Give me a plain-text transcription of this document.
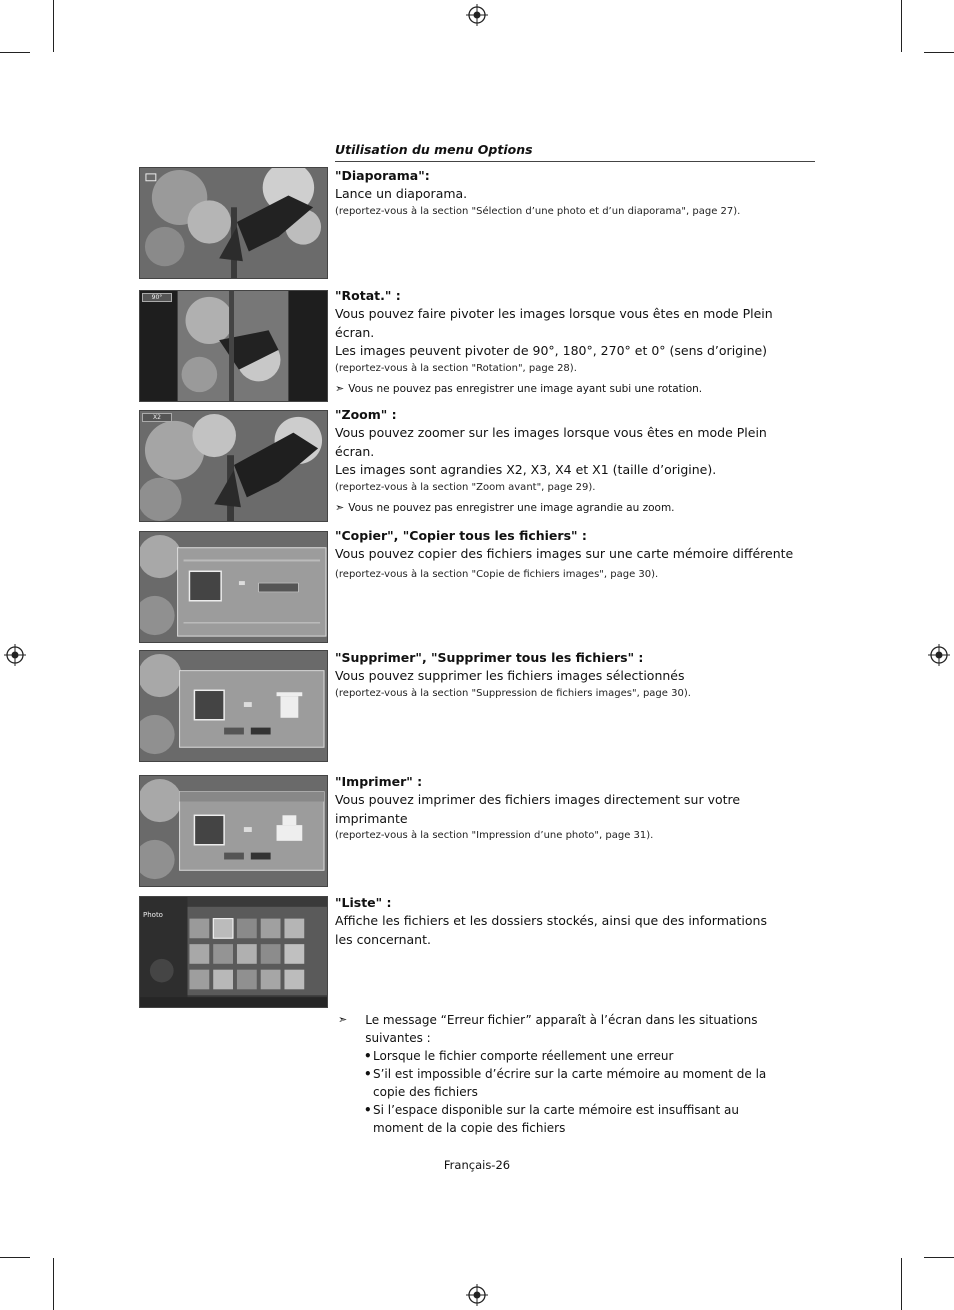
Utilisation du menu Options
90°
X2
Photo
"Diaporama":
Lance un diaporama.
(reportez-vous à la section "Sélection d’une photo et d’un diaporama", page 27).
"Rotat." :
Vous pouvez faire pivoter les images lorsque vous êtes en mode Plein écran.
Les images peuvent pivoter de 90°, 180°, 270° et 0° (sens d’origine)
(reportez-vous à la section "Rotation", page 28).
➣ Vous ne pouvez pas enregistrer une image ayant subi une rotation.
"Zoom" :
Vous pouvez zoomer sur les images lorsque vous êtes en mode Plein écran.
Les images sont agrandies X2, X3, X4 et X1 (taille d’origine).
(reportez-vous à la section "Zoom avant", page 29).
➣ Vous ne pouvez pas enregistrer une image agrandie au zoom.
"Copier", "Copier tous les fichiers" :
Vous pouvez copier des fichiers images sur une carte mémoire différente
(reportez-vous à la section "Copie de fichiers images", page 30).
"Supprimer", "Supprimer tous les fichiers" :
Vous pouvez supprimer les fichiers images sélectionnés
(reportez-vous à la section "Suppression de fichiers images", page 30).
"Imprimer" :
Vous pouvez imprimer des fichiers images directement sur votre imprimante
(reportez-vous à la section "Impression d’une photo", page 31).
"Liste" :
Affiche les fichiers et les dossiers stockés, ainsi que des informations
les concernant.
➣	Le message “Erreur fichier” apparaît à l’écran dans les situations suivantes :
• Lorsque le fichier comporte réellement une erreur
• S’il est impossible d’écrire sur la carte mémoire au moment de la copie des fichiers
• Si l’espace disponible sur la carte mémoire est insuffisant au moment de la copie des fichiers
Français-26
